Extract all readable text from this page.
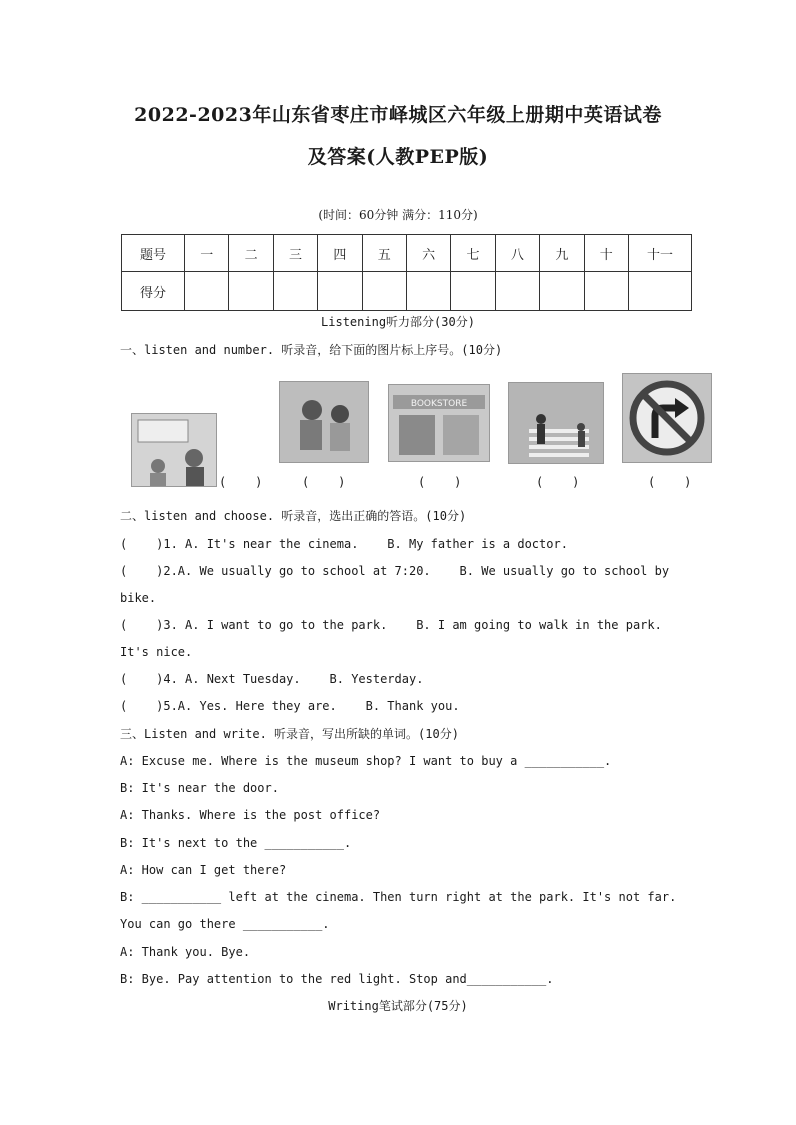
2022-2023年山东省枣庄市峄城区六年级上册期中英语试卷
及答案(人教PEP版)
(时间：60分钟 满分：110分)
题号	一	二	三	四	五	六	七	八	九	十	十一
得分											
Listening听力部分(30分)
一、listen and number. 听录音，给下面的图片标上序号。(10分)
(    )	(    )
BOOKSTORE
(    )	(    )	(    )
二、listen and choose. 听录音，选出正确的答语。(10分)
(    )1. A. It's near the cinema.    B. My father is a doctor.
(    )2.A. We usually go to school at 7:20.    B. We usually go to school by
bike.
(    )3. A. I want to go to the park.    B. I am going to walk in the park.
It's nice.
(    )4. A. Next Tuesday.    B. Yesterday.
(    )5.A. Yes. Here they are.    B. Thank you.
三、Listen and write. 听录音，写出所缺的单词。(10分)
A: Excuse me. Where is the museum shop? I want to buy a ___________.
B: It's near the door.
A: Thanks. Where is the post office?
B: It's next to the ___________.
A: How can I get there?
B: ___________ left at the cinema. Then turn right at the park. It's not far.
You can go there ___________.
A: Thank you. Bye.
B: Bye. Pay attention to the red light. Stop and___________.
Writing笔试部分(75分)
